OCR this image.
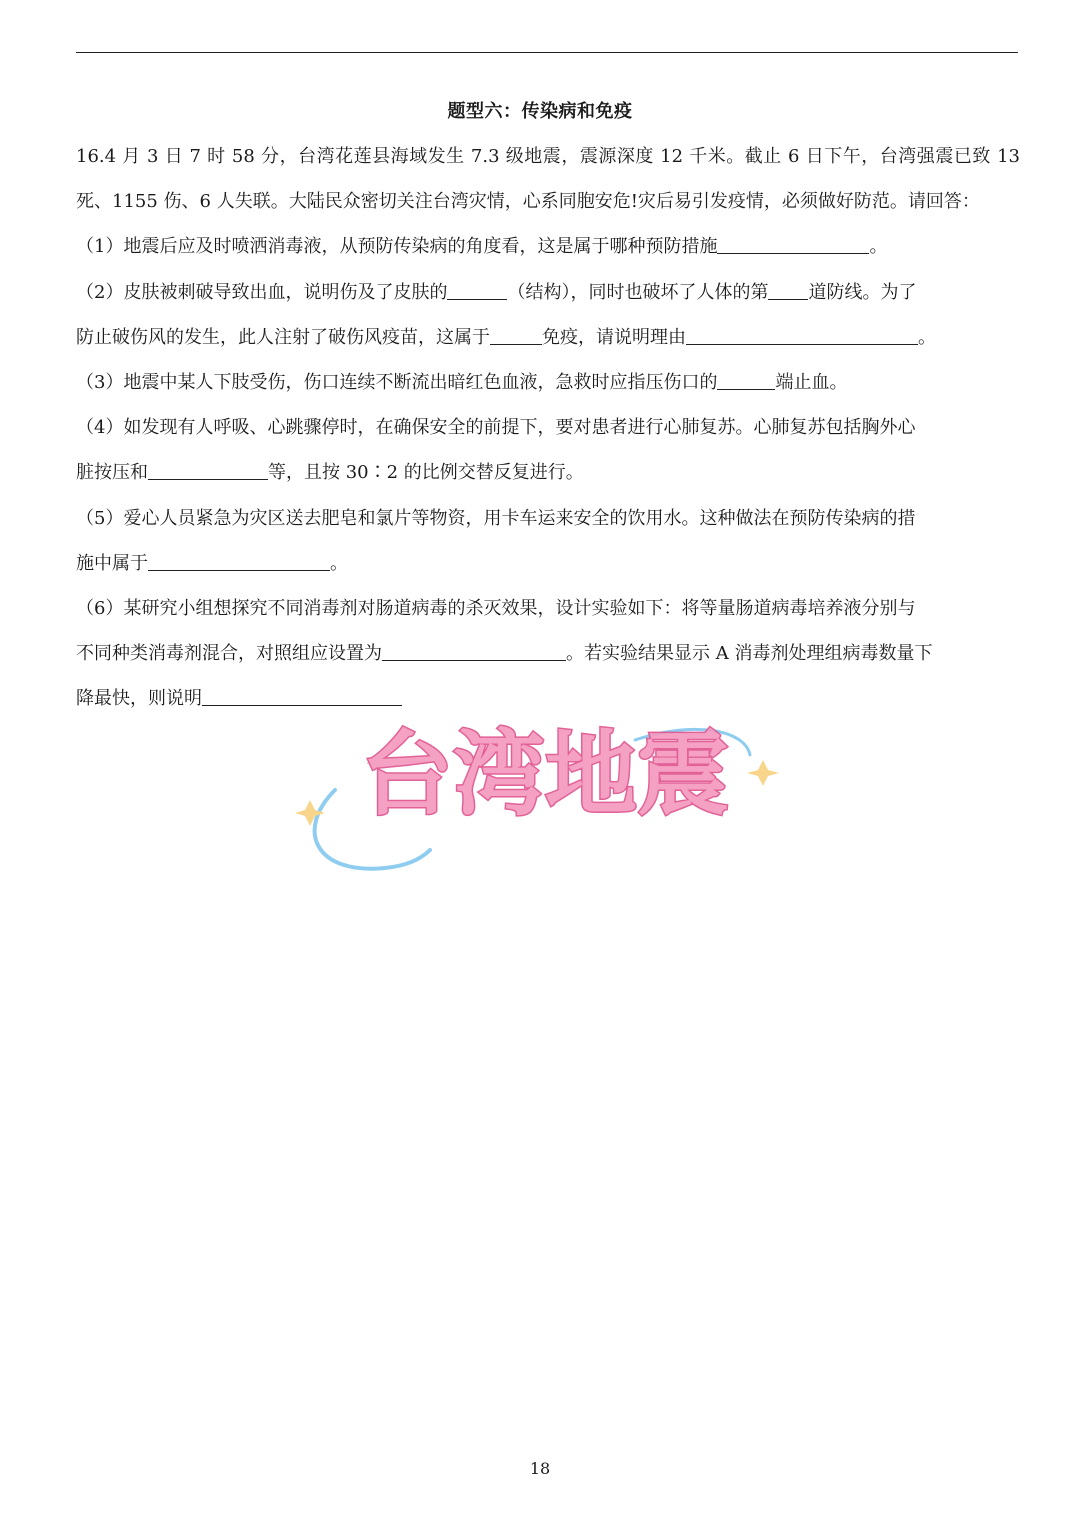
题型六：传染病和免疫

16.4 月 3 日 7 时 58 分，台湾花莲县海域发生 7.3 级地震，震源深度 12 千米。截止 6 日下午，台湾强震已致 13 死、1155 伤、6 人失联。大陆民众密切关注台湾灾情，心系同胞安危!灾后易引发疫情，必须做好防范。请回答：

（1）地震后应及时喷洒消毒液，从预防传染病的角度看，这是属于哪种预防措施	。

（2）皮肤被刺破导致出血，说明伤及了皮肤的	（结构），同时也破坏了人体的第 道防线。为了

防止破伤风的发生，此人注射了破伤风疫苗，这属于	免疫，请说明理由	。

（3）地震中某人下肢受伤，伤口连续不断流出暗红色血液，急救时应指压伤口的	端止血。

（4）如发现有人呼吸、心跳骤停时，在确保安全的前提下，要对患者进行心肺复苏。心肺复苏包括胸外心

脏按压和	等，且按 30∶2 的比例交替反复进行。

（5）爱心人员紧急为灾区送去肥皂和氯片等物资，用卡车运来安全的饮用水。这种做法在预防传染病的措

施中属于	。

（6）某研究小组想探究不同消毒剂对肠道病毒的杀灭效果，设计实验如下：将等量肠道病毒培养液分别与

不同种类消毒剂混合，对照组应设置为	。若实验结果显示 A 消毒剂处理组病毒数量下

降最快，则说明

台湾地震
18
